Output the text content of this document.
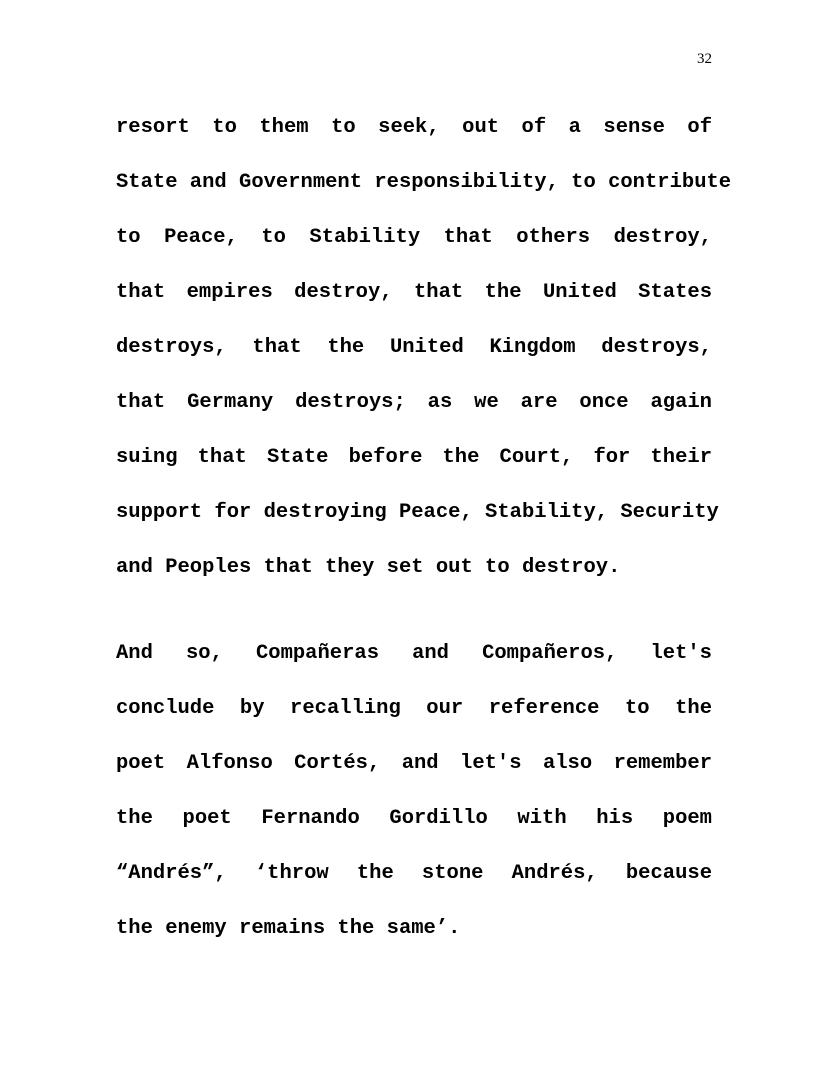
32
resort to them to seek, out of a sense of
State and Government responsibility, to contribute
to Peace, to Stability that others destroy,
that empires destroy, that the United States
destroys, that the United Kingdom destroys,
that Germany destroys; as we are once again
suing that State before the Court, for their
support for destroying Peace, Stability, Security
and Peoples that they set out to destroy.
And so, Compañeras and Compañeros, let's
conclude by recalling our reference to the
poet Alfonso Cortés, and let's also remember
the poet Fernando Gordillo with his poem
“Andrés”, ‘throw the stone Andrés, because
the enemy remains the same’.
